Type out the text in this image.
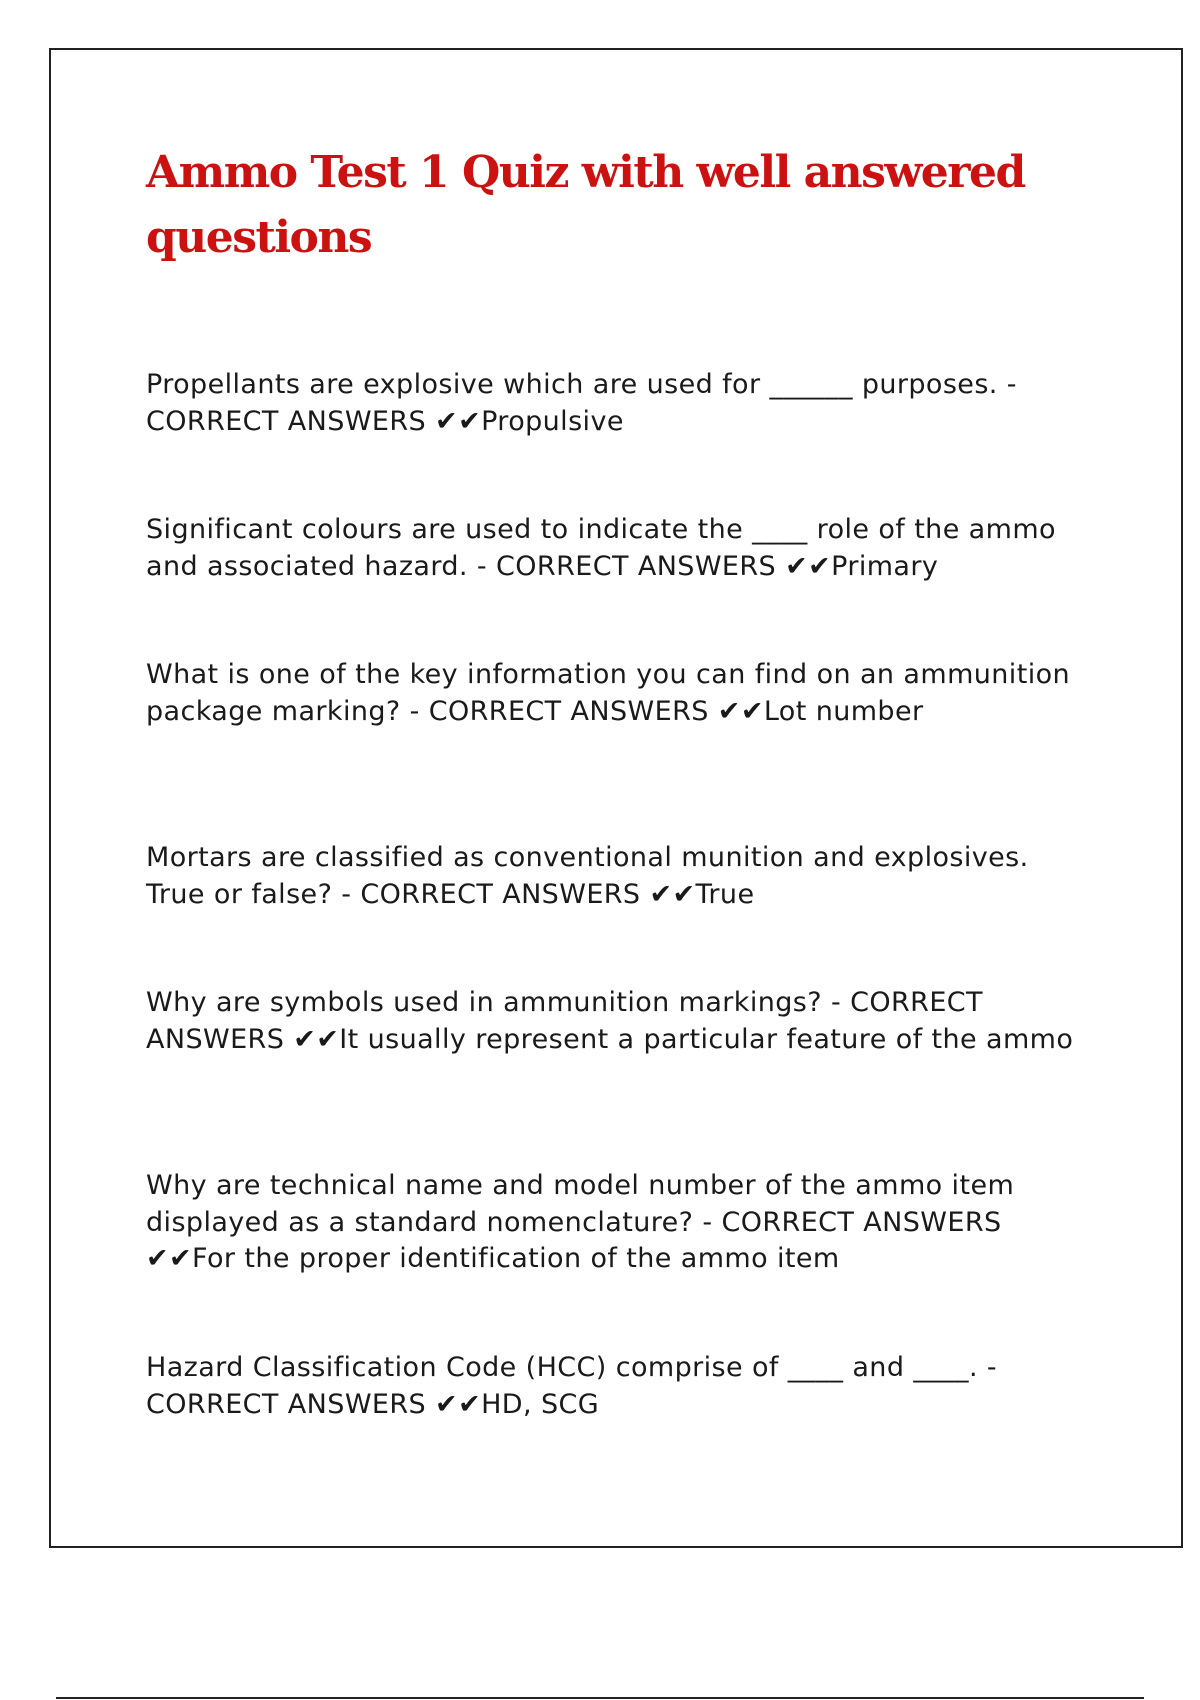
Ammo Test 1 Quiz with well answered questions

Propellants are explosive which are used for ______ purposes. - CORRECT ANSWERS ✔✔Propulsive

Significant colours are used to indicate the ____ role of the ammo  and associated hazard. - CORRECT ANSWERS ✔✔Primary

What is one of the key information you can find on an ammunition package marking? - CORRECT ANSWERS ✔✔Lot number

Mortars are classified as conventional munition and explosives. True or false? - CORRECT ANSWERS ✔✔True

Why are symbols used in ammunition markings? - CORRECT ANSWERS ✔✔It usually represent a particular feature of the ammo

Why are technical name and model number of the ammo item displayed as a standard nomenclature? - CORRECT ANSWERS ✔✔For the proper identification of the ammo item

Hazard Classification Code (HCC) comprise of ____ and ____. - CORRECT ANSWERS ✔✔HD, SCG
